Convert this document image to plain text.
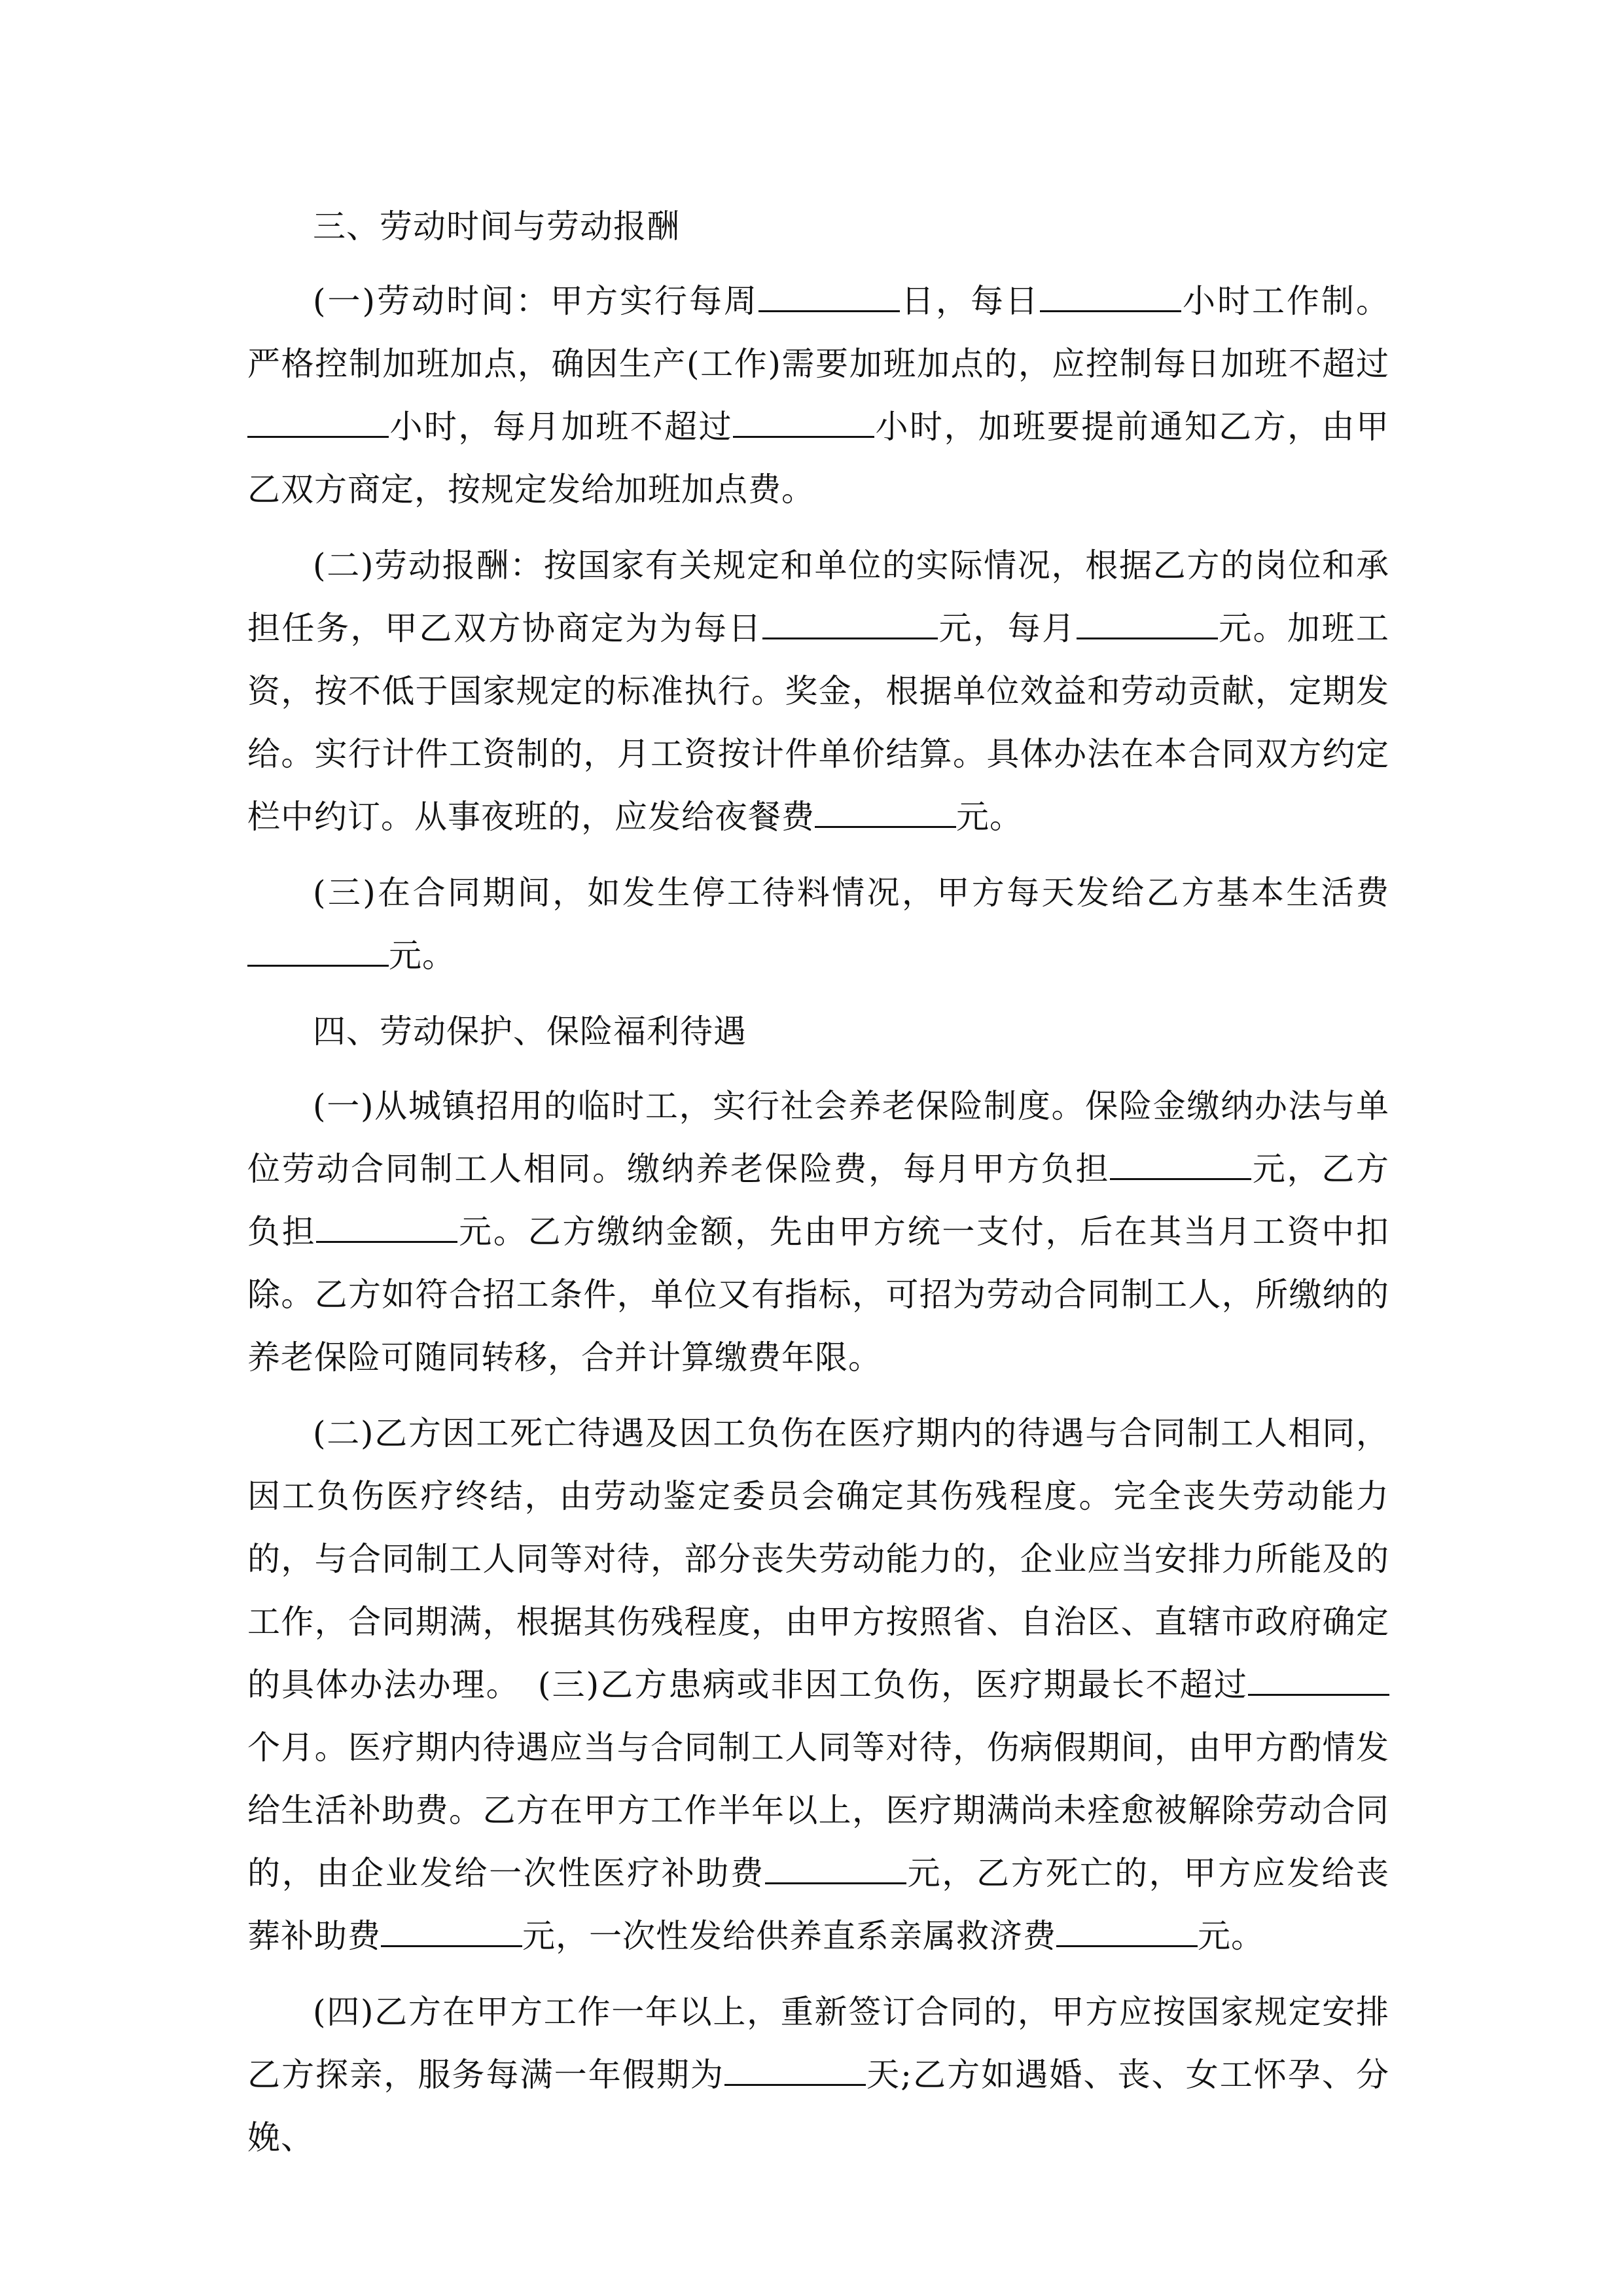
三、劳动时间与劳动报酬

(一)劳动时间：甲方实行每周	日，每日	小时工作制。严格控制加班加点，确因生产(工作)需要加班加点的，应控制每日加班不超过小时，每月加班不超过	小时，加班要提前通知乙方，由甲乙双方商定，按规定发给加班加点费。

(二)劳动报酬：按国家有关规定和单位的实际情况，根据乙方的岗位和承担任务，甲乙双方协商定为为每日	元，每月	元。加班工资，按不低于国家规定的标准执行。奖金，根据单位效益和劳动贡献，定期发给。实行计件工资制的，月工资按计件单价结算。具体办法在本合同双方约定栏中约订。从事夜班的，应发给夜餐费	元。

(三)在合同期间，如发生停工待料情况，甲方每天发给乙方基本生活费元。

四、劳动保护、保险福利待遇

(一)从城镇招用的临时工，实行社会养老保险制度。保险金缴纳办法与单位劳动合同制工人相同。缴纳养老保险费，每月甲方负担	元，乙方负担	元。乙方缴纳金额，先由甲方统一支付，后在其当月工资中扣除。乙方如符合招工条件，单位又有指标，可招为劳动合同制工人，所缴纳的养老保险可随同转移，合并计算缴费年限。

(二)乙方因工死亡待遇及因工负伤在医疗期内的待遇与合同制工人相同，因工负伤医疗终结，由劳动鉴定委员会确定其伤残程度。完全丧失劳动能力的，与合同制工人同等对待，部分丧失劳动能力的，企业应当安排力所能及的工作，合同期满，根据其伤残程度，由甲方按照省、自治区、直辖市政府确定的具体办法办理。　(三)乙方患病或非因工负伤，医疗期最长不超过个月。医疗期内待遇应当与合同制工人同等对待，伤病假期间，由甲方酌情发给生活补助费。乙方在甲方工作半年以上，医疗期满尚未痊愈被解除劳动合同的，由企业发给一次性医疗补助费	元，乙方死亡的，甲方应发给丧葬补助费	元，一次性发给供养直系亲属救济费	元。

(四)乙方在甲方工作一年以上，重新签订合同的，甲方应按国家规定安排乙方探亲，服务每满一年假期为	天;乙方如遇婚、丧、女工怀孕、分娩、
